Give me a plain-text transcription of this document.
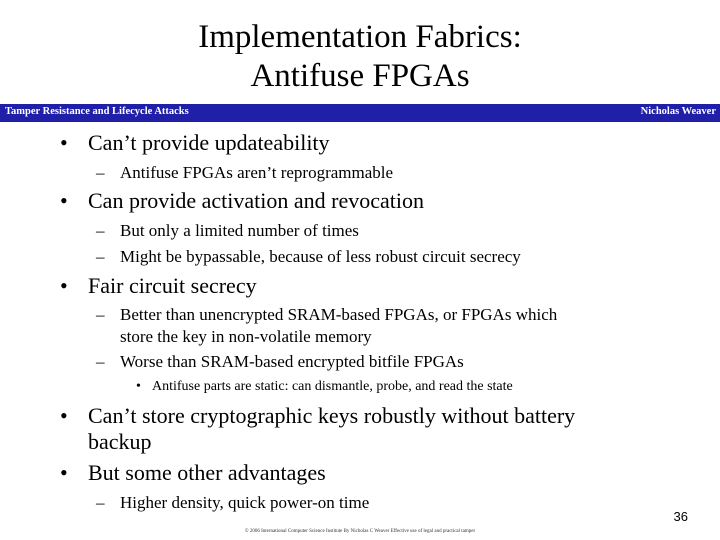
Implementation Fabrics:
Antifuse FPGAs
Tamper Resistance and Lifecycle Attacks	Nicholas Weaver
• Can’t provide updateability
– Antifuse FPGAs aren’t reprogrammable
• Can provide activation and revocation
– But only a limited number of times
– Might be bypassable, because of less robust circuit secrecy
• Fair circuit secrecy
– Better than unencrypted SRAM-based FPGAs, or FPGAs which
store the key in non-volatile memory
– Worse than SRAM-based encrypted bitfile FPGAs
• Antifuse parts are static: can dismantle, probe, and read the state
• Can’t store cryptographic keys robustly without battery
backup
• But some other advantages
– Higher density, quick power-on time
© 2006 International Computer Science Institute By Nicholas C Weaver Effective use of legal and practical tamper
36
